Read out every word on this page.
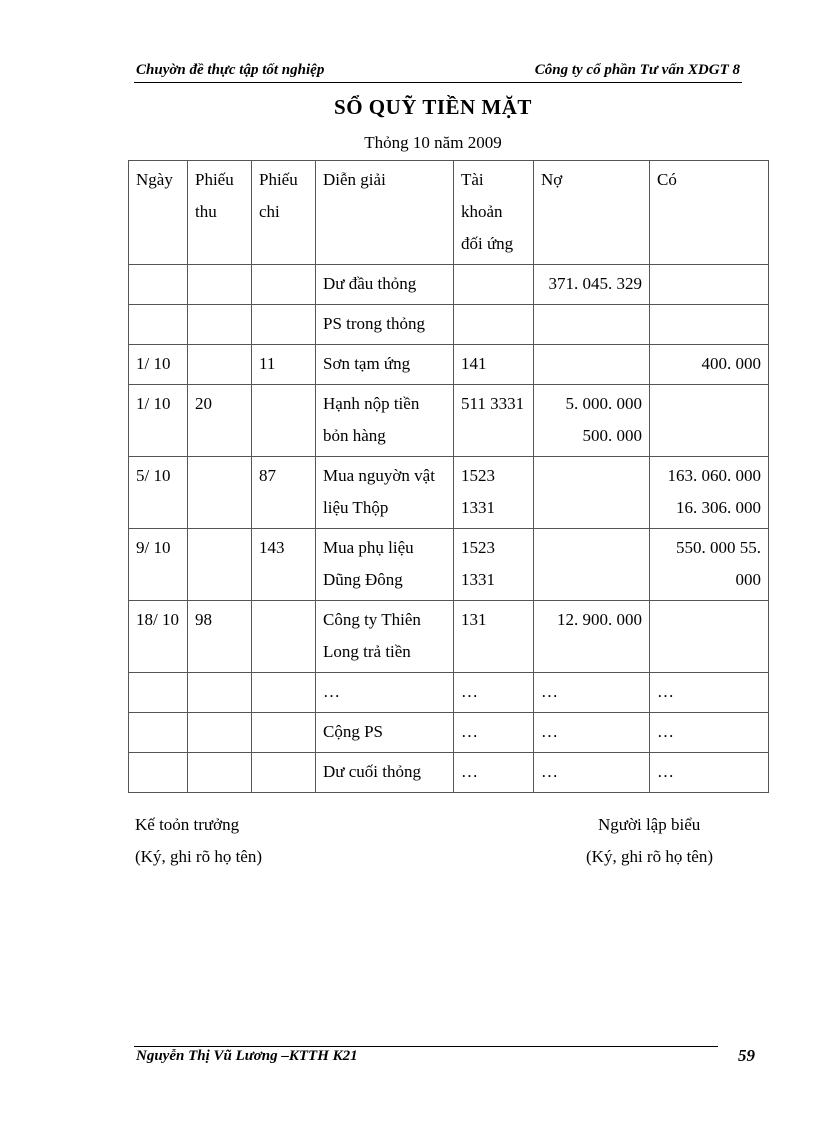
Chuyờn đề thực tập tốt nghiệp	Công ty cổ phần Tư vấn XDGT 8
SỔ QUỸ TIỀN MẶT
Thỏng 10 năm 2009
Ngày	Phiếu thu	Phiếu chi	Diễn giải	Tài khoản đối ứng	Nợ	Có
			Dư đầu thỏng		371. 045. 329	
			PS trong thỏng			
1/ 10		11	Sơn tạm ứng	141		400. 000
1/ 10	20		Hạnh nộp tiền bỏn hàng	511 3331	5. 000. 000 500. 000	
5/ 10		87	Mua nguyờn vật liệu Thộp	1523 1331		163. 060. 000 16. 306. 000
9/ 10		143	Mua phụ liệu Dũng Đông	1523 1331		550. 000 55. 000
18/ 10	98		Công ty Thiên Long trả tiền	131	12. 900. 000	
			…	…	…	…
			Cộng PS	…	…	…
			Dư cuối thỏng	…	…	…
Kế toỏn trưởng
(Ký, ghi rõ họ tên)
Người lập biểu
(Ký, ghi rõ họ tên)
Nguyễn Thị Vũ Lương –KTTH K21	59
